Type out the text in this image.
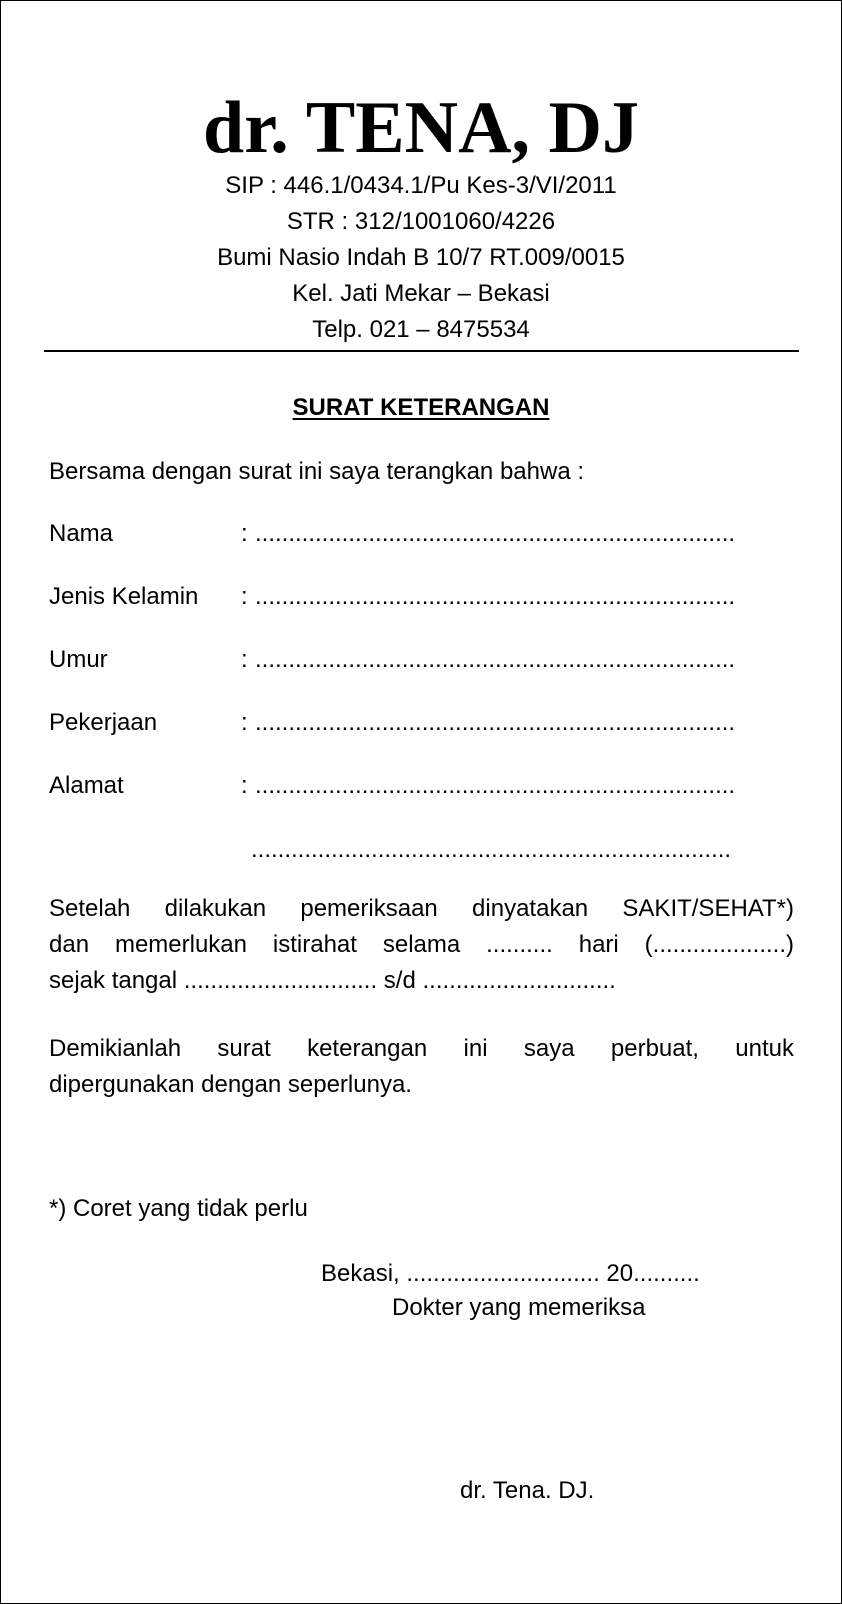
dr. TENA, DJ
SIP : 446.1/0434.1/Pu Kes-3/VI/2011
STR : 312/1001060/4226
Bumi Nasio Indah B 10/7 RT.009/0015
Kel. Jati Mekar – Bekasi
Telp. 021 – 8475534
SURAT KETERANGAN
Bersama dengan surat ini saya terangkan bahwa :
Nama	: ........................................................................
Jenis Kelamin : ........................................................................
Umur	: ........................................................................
Pekerjaan	: ........................................................................
Alamat	: ........................................................................
........................................................................
Setelah dilakukan pemeriksaan dinyatakan SAKIT/SEHAT*)
dan memerlukan istirahat selama .......... hari (....................)
sejak tangal ............................. s/d .............................
Demikianlah surat keterangan ini saya perbuat, untuk
dipergunakan dengan seperlunya.
*) Coret yang tidak perlu
Bekasi, ............................. 20..........
Dokter yang memeriksa
dr. Tena. DJ.
